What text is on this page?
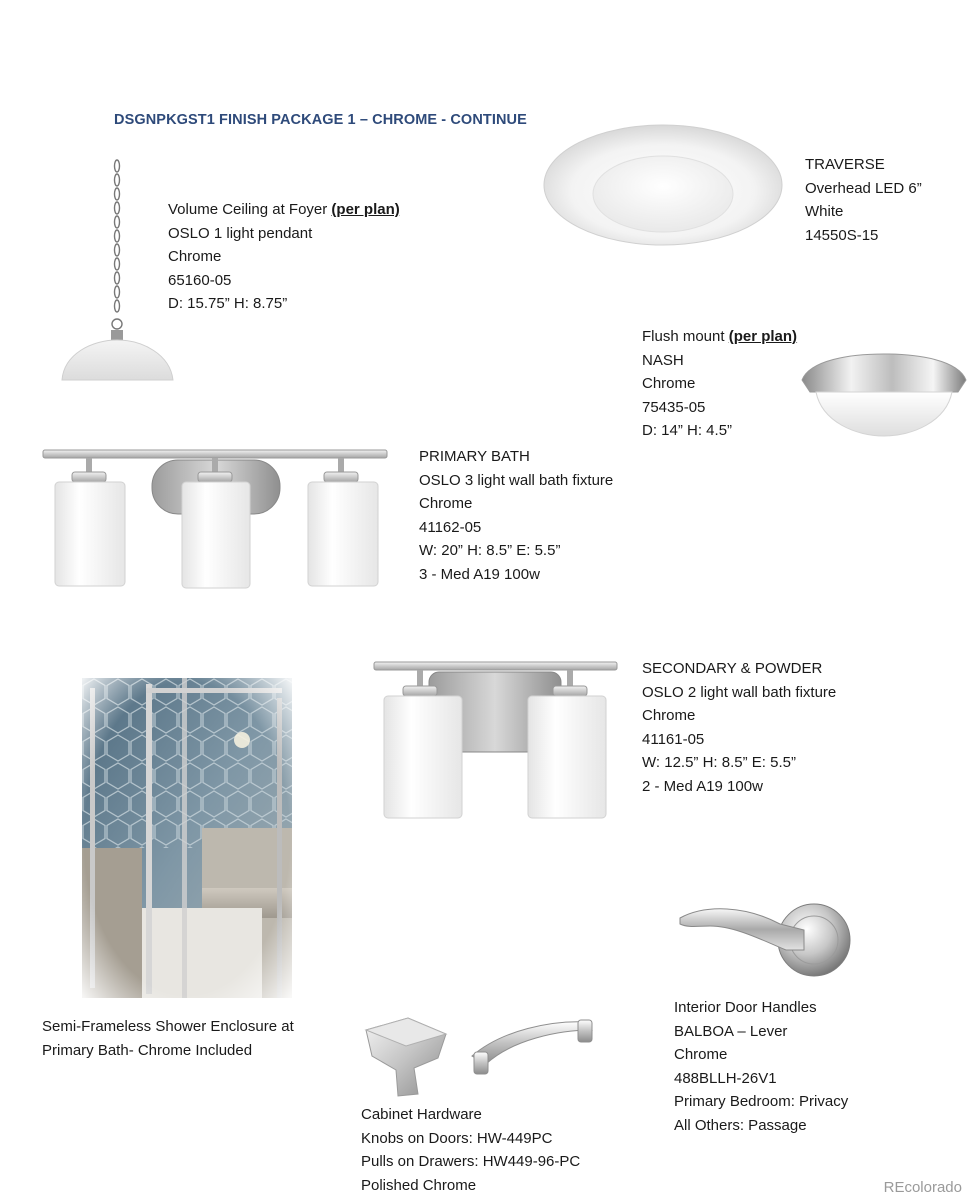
DSGNPKGST1 FINISH PACKAGE 1 – CHROME - CONTINUE
Volume Ceiling at Foyer (per plan)
OSLO 1 light pendant
Chrome
65160-05
D: 15.75” H: 8.75”
TRAVERSE
Overhead LED 6”
White
14550S-15
Flush mount (per plan)
NASH
Chrome
75435-05
D: 14” H: 4.5”
PRIMARY BATH
OSLO 3 light wall bath fixture
Chrome
41162-05
W: 20” H: 8.5” E: 5.5”
3 - Med A19 100w
SECONDARY & POWDER
OSLO 2 light wall bath fixture
Chrome
41161-05
W: 12.5” H: 8.5” E: 5.5”
2 - Med A19 100w
Interior Door Handles
BALBOA – Lever
Chrome
488BLLH-26V1
Primary Bedroom: Privacy
All Others: Passage
Semi-Frameless Shower Enclosure at
Primary Bath- Chrome Included
Cabinet Hardware
Knobs on Doors: HW-449PC
Pulls on Drawers: HW449-96-PC
Polished Chrome	REcolorado
